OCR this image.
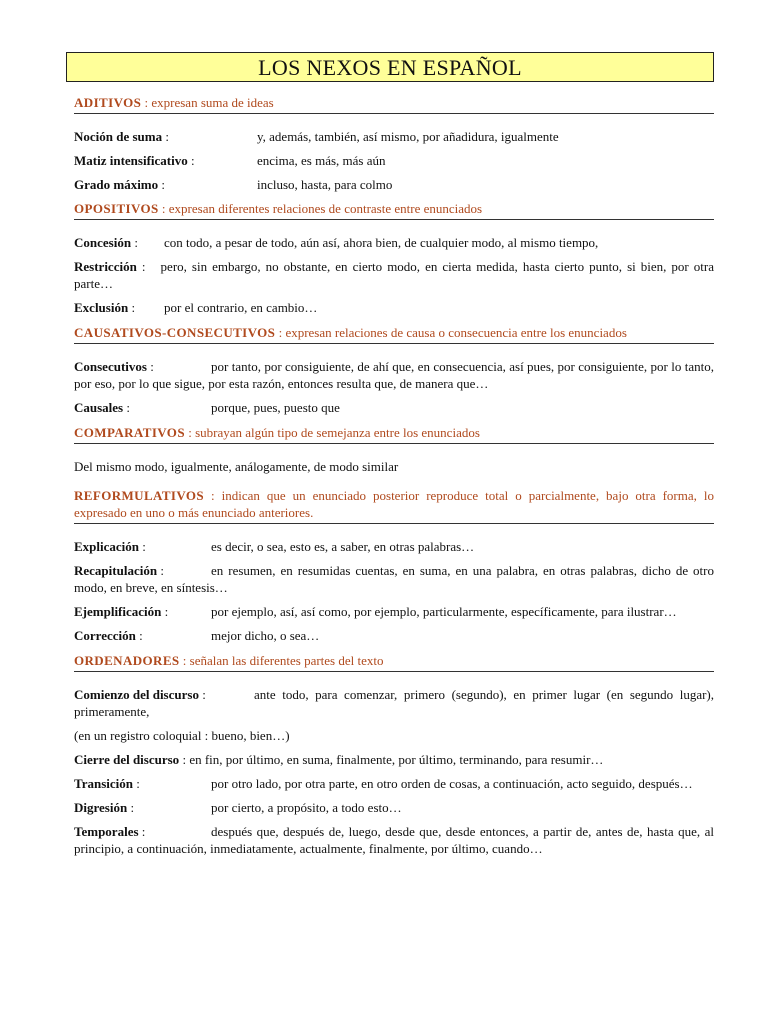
LOS NEXOS EN ESPAÑOL
ADITIVOS : expresan suma de ideas
Noción de suma :	y, además, también, así mismo, por añadidura, igualmente
Matiz intensificativo :	encima, es más, más aún
Grado máximo :	incluso, hasta, para colmo
OPOSITIVOS : expresan diferentes relaciones de contraste entre enunciados
Concesión : con todo, a pesar de todo, aún así, ahora bien, de cualquier modo, al mismo tiempo,
Restricción :   pero, sin embargo, no obstante, en cierto modo, en cierta medida, hasta cierto punto, si bien, por otra parte…
Exclusión : por el contrario, en cambio…
CAUSATIVOS-CONSECUTIVOS : expresan relaciones de causa o consecuencia entre los enunciados
Consecutivos :	por tanto, por consiguiente, de ahí que, en consecuencia, así pues, por consiguiente, por lo tanto, por eso, por lo que sigue, por esta razón, entonces resulta que, de manera que…
Causales :	porque, pues, puesto que
COMPARATIVOS : subrayan algún tipo de semejanza entre los enunciados
Del mismo modo, igualmente, análogamente, de modo similar
REFORMULATIVOS : indican que un enunciado posterior reproduce total o parcialmente, bajo otra forma, lo expresado en uno o más enunciado anteriores.
Explicación :	es decir, o sea, esto es, a saber, en otras palabras…
Recapitulación :	en resumen, en resumidas cuentas, en suma, en una palabra, en otras palabras, dicho de otro modo, en breve, en síntesis…
Ejemplificación :	por ejemplo, así, así como, por ejemplo, particularmente, específicamente, para ilustrar…
Corrección :	mejor dicho, o sea…
ORDENADORES : señalan las diferentes partes del texto
Comienzo del discurso :	ante todo, para comenzar, primero (segundo), en primer lugar (en segundo lugar), primeramente,
(en un registro coloquial : bueno, bien…)
Cierre del discurso : en fin, por último, en suma, finalmente, por último, terminando, para resumir…
Transición :	por otro lado, por otra parte, en otro orden de cosas, a continuación, acto seguido, después…
Digresión :	por cierto, a propósito, a todo esto…
Temporales :	después que, después de, luego, desde que, desde entonces, a partir de, antes de, hasta que, al principio, a continuación, inmediatamente, actualmente, finalmente, por último, cuando…
